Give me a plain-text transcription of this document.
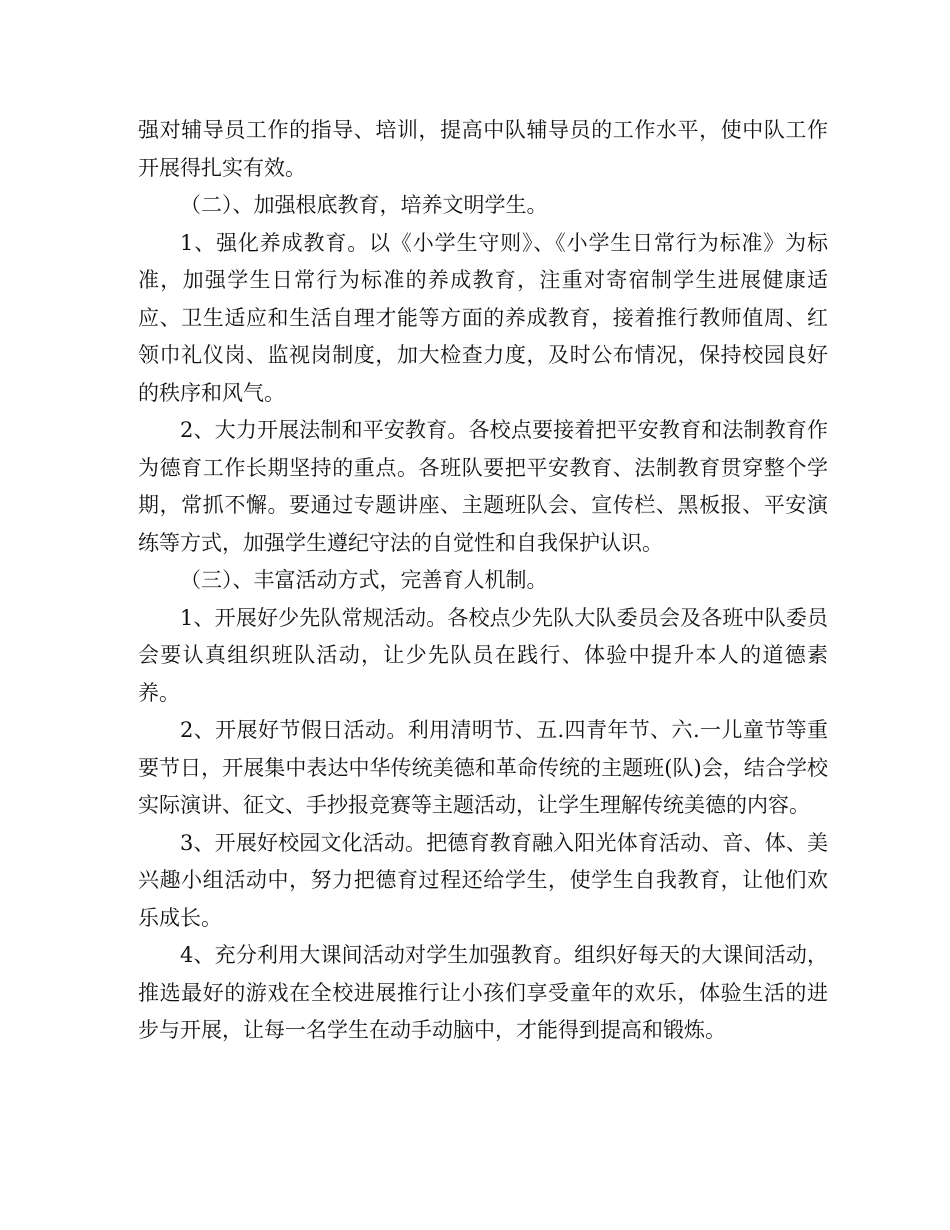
强对辅导员工作的指导、培训，提高中队辅导员的工作水平，使中队工作开展得扎实有效。

（二）、加强根底教育，培养文明学生。

1、强化养成教育。以《小学生守则》、《小学生日常行为标准》为标准，加强学生日常行为标准的养成教育，注重对寄宿制学生进展健康适应、卫生适应和生活自理才能等方面的养成教育，接着推行教师值周、红领巾礼仪岗、监视岗制度，加大检查力度，及时公布情况，保持校园良好的秩序和风气。

2、大力开展法制和平安教育。各校点要接着把平安教育和法制教育作为德育工作长期坚持的重点。各班队要把平安教育、法制教育贯穿整个学期，常抓不懈。要通过专题讲座、主题班队会、宣传栏、黑板报、平安演练等方式，加强学生遵纪守法的自觉性和自我保护认识。

（三）、丰富活动方式，完善育人机制。

1、开展好少先队常规活动。各校点少先队大队委员会及各班中队委员会要认真组织班队活动，让少先队员在践行、体验中提升本人的道德素养。

2、开展好节假日活动。利用清明节、五.四青年节、六.一儿童节等重要节日，开展集中表达中华传统美德和革命传统的主题班(队)会，结合学校实际演讲、征文、手抄报竞赛等主题活动，让学生理解传统美德的内容。

3、开展好校园文化活动。把德育教育融入阳光体育活动、音、体、美兴趣小组活动中，努力把德育过程还给学生，使学生自我教育，让他们欢乐成长。

4、充分利用大课间活动对学生加强教育。组织好每天的大课间活动，推选最好的游戏在全校进展推行让小孩们享受童年的欢乐，体验生活的进步与开展，让每一名学生在动手动脑中，才能得到提高和锻炼。
